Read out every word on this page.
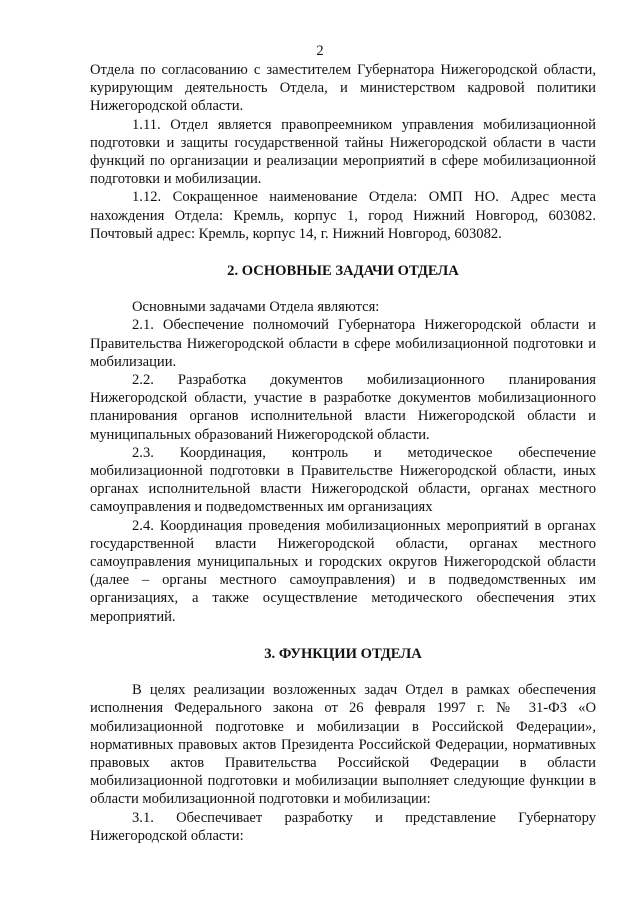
2

Отдела по согласованию с заместителем Губернатора Нижегородской области, курирующим деятельность Отдела, и министерством кадровой политики Нижегородской области.

1.11. Отдел является правопреемником управления мобилизационной подготовки и защиты государственной тайны Нижегородской области в части функций по организации и реализации мероприятий в сфере мобилизационной подготовки и мобилизации.

1.12. Сокращенное наименование Отдела: ОМП НО. Адрес места нахождения Отдела: Кремль, корпус 1, город Нижний Новгород, 603082. Почтовый адрес: Кремль, корпус 14, г. Нижний Новгород, 603082.

2. ОСНОВНЫЕ ЗАДАЧИ ОТДЕЛА

Основными задачами Отдела являются:

2.1. Обеспечение полномочий Губернатора Нижегородской области и Правительства Нижегородской области в сфере мобилизационной подготовки и мобилизации.

2.2. Разработка документов мобилизационного планирования Нижегородской области, участие в разработке документов мобилизационного планирования органов исполнительной власти Нижегородской области и муниципальных образований Нижегородской области.

2.3. Координация, контроль и методическое обеспечение мобилизационной подготовки в Правительстве Нижегородской области, иных органах исполнительной власти Нижегородской области, органах местного самоуправления и подведомственных им организациях

2.4. Координация проведения мобилизационных мероприятий в органах государственной власти Нижегородской области, органах местного самоуправления муниципальных и городских округов Нижегородской области (далее – органы местного самоуправления) и в подведомственных им организациях, а также осуществление методического обеспечения этих мероприятий.

3. ФУНКЦИИ ОТДЕЛА

В целях реализации возложенных задач Отдел в рамках обеспечения исполнения Федерального закона от 26 февраля 1997 г. № 31-ФЗ «О мобилизационной подготовке и мобилизации в Российской Федерации», нормативных правовых актов Президента Российской Федерации, нормативных правовых актов Правительства Российской Федерации в области мобилизационной подготовки и мобилизации выполняет следующие функции в области мобилизационной подготовки и мобилизации:

3.1. Обеспечивает разработку и представление Губернатору Нижегородской области:
